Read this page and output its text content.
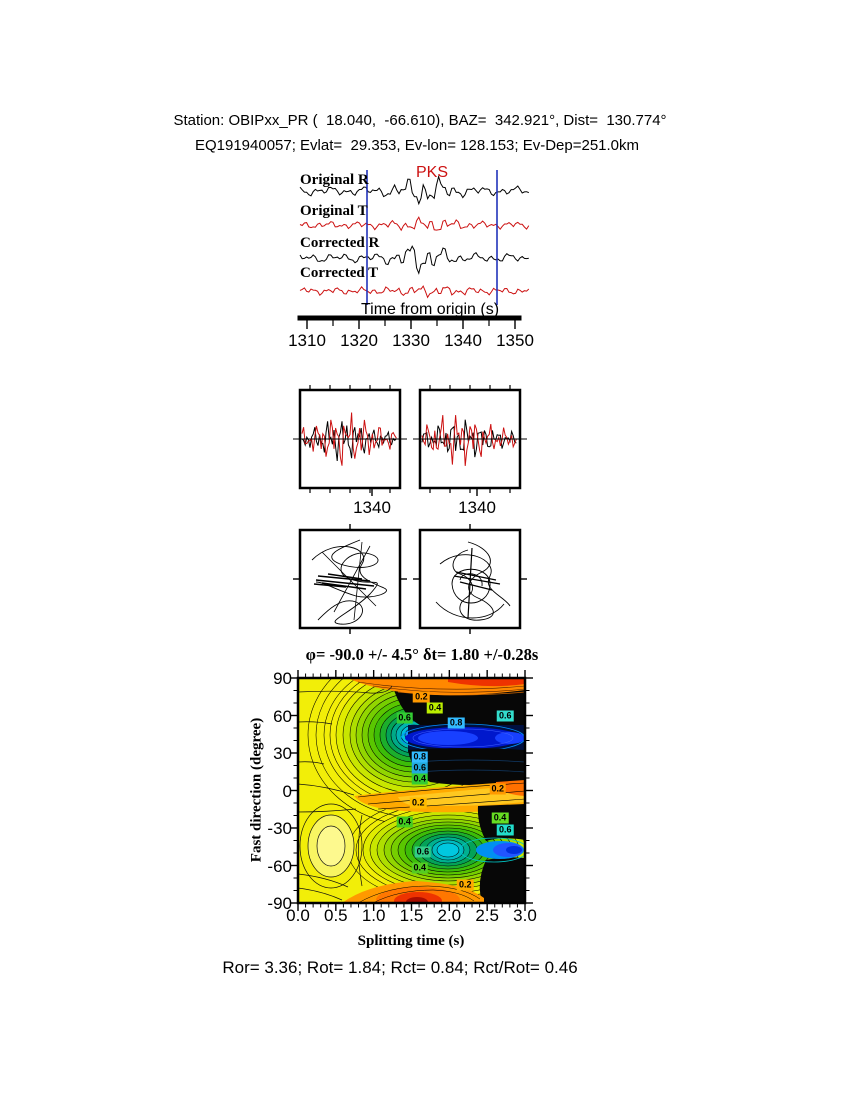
Station: OBIPxx_PR (  18.040,  -66.610), BAZ=  342.921°, Dist=  130.774°
EQ191940057; Evlat=  29.353, Ev-lon= 128.153; Ev-Dep=251.0km
PKS
Time from origin (s)
φ= -90.0 +/- 4.5° δt= 1.80 +/-0.28s
Fast direction (degree)
Splitting time (s)
Ror= 3.36; Rot= 1.84; Rct= 0.84; Rct/Rot= 0.46
Original R
Original T
Corrected R
Corrected T
1310 1320 1330 1340 1350
1340	1340
90
60
30
0
-30
-60
-90
0.0 0.5 1.0 1.5 2.0 2.5 3.0
0.2
0.4
0.6	0.8
0.6
0.8
0.6
0.4
0.2
0.2
0.4	0.4
0.6
0.6
0.4
0.2
